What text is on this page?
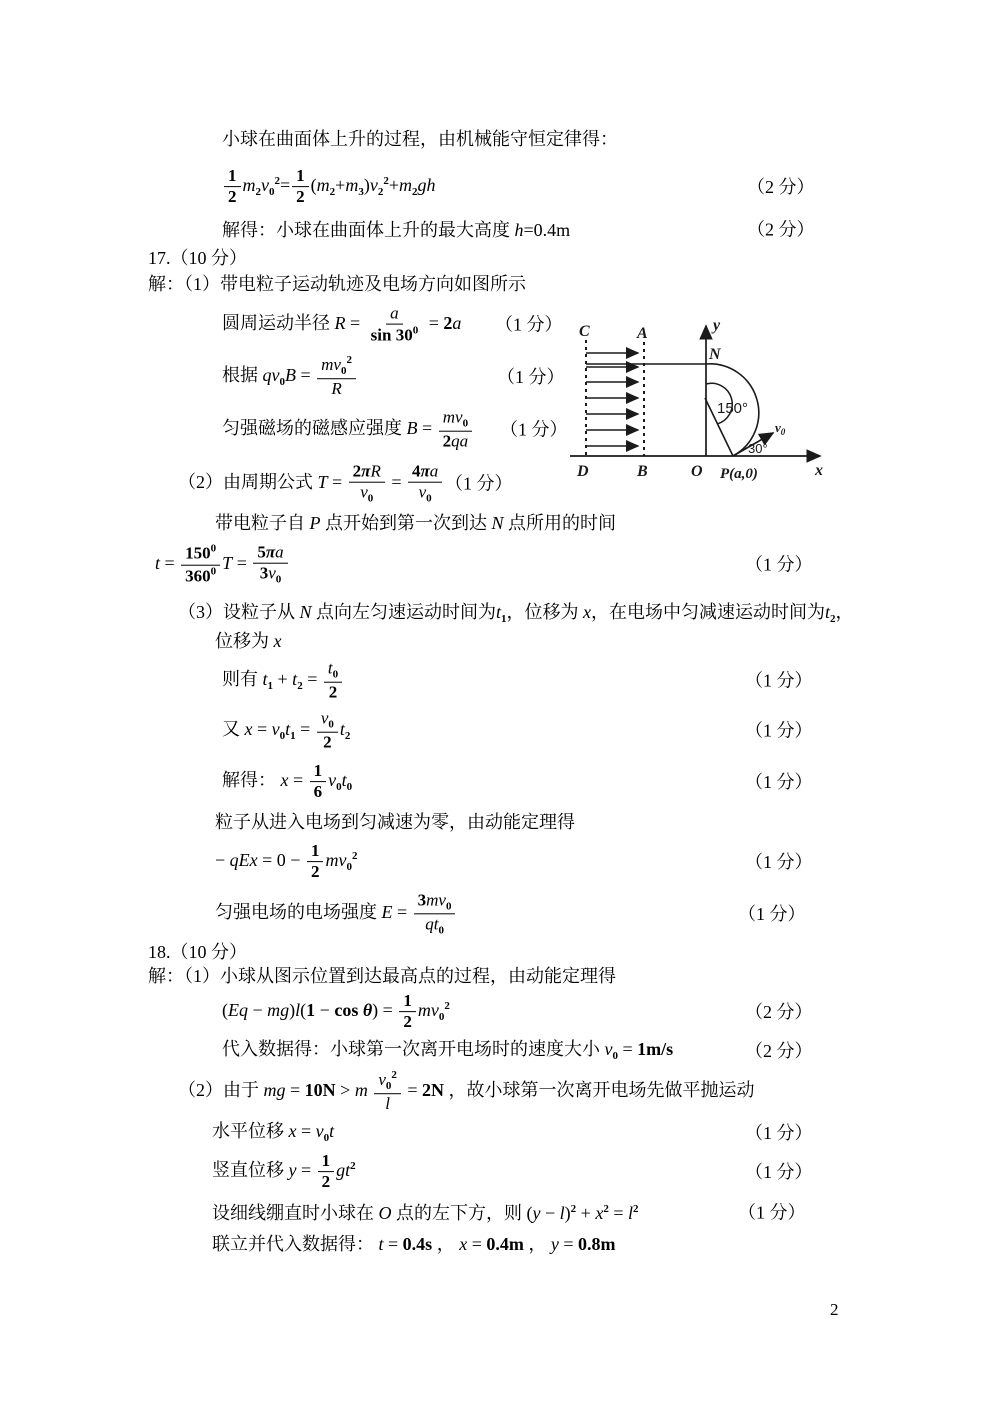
小球在曲面体上升的过程，由机械能守恒定律得：
$\frac{1}{2} m_2v_0^2= \frac{1}{2} (m_2+m_3)v_2^2+m_2gh$	（2 分）
解得：小球在曲面体上升的最大高度 h=0.4m	（2 分）
17.（10 分）
解：（1）带电粒子运动轨迹及电场方向如图所示
圆周运动半径 $R = \frac{a}{\sin 30^0} = 2a$ （1 分）
根据 $qv_0B = \frac{mv_0^2}{R}$	（1 分）
匀强磁场的磁感应强度 $B = \frac{mv_0}{2qa} (1$ 分）
（2）由周期公式 $T = \frac{2\pi R}{v_0} = \frac{4\pi a}{v_0} (1$ 分）
带电粒子自 P 点开始到第一次到达 N 点所用的时间
$t = \frac{150^0}{360^0}$ $T = \frac{5\pi a}{3v_0}$	（1 分）
（3）设粒子从 N 点向左匀速运动时间为$t_1$，位移为 x，在电场中匀减速运动时间为$t_2$，
位移为 x
则有 $t_1 + t_2 = \frac{t_0}{2}$	（1 分）
又 $x = v_0t_1 = \frac{v_0}{2} t_2$	（1 分）
解得： $x = \frac{1}{6} v_0t_0$	（1 分）
粒子从进入电场到匀减速为零，由动能定理得
− qEx = $0 - \frac{1}{2} mv_0^2$	（1 分）
匀强电场的电场强度 $E = \frac{3mv_0}{qt_0}$	（1 分）
18.（10 分）
解：（1）小球从图示位置到达最高点的过程，由动能定理得
$(Eq - mg)l(1 - \cos \theta) = \frac{1}{2} mv_0^2$	（2 分）
代入数据得：小球第一次离开电场时的速度大小 $v_0 = 1m/s$	（2 分）
（2）由于 mg = 10N > m $\frac{v_0^2}{l} = 2N$ ，故小球第一次离开电场先做平抛运动
水平位移 $x = v_0t$	（1 分）
竖直位移 $y = \frac{1}{2} gt^2$	（1 分）
设细线绷直时小球在 O 点的左下方，则 $(y - l)^2 + x^2 = l^2$	（1 分）
联立并代入数据得： t = 0.4s ， x = 0.4m ， y = 0.8m
C	A
D	B	O P(a,0)	x
y
N
$v_0$
150°
30°
2
